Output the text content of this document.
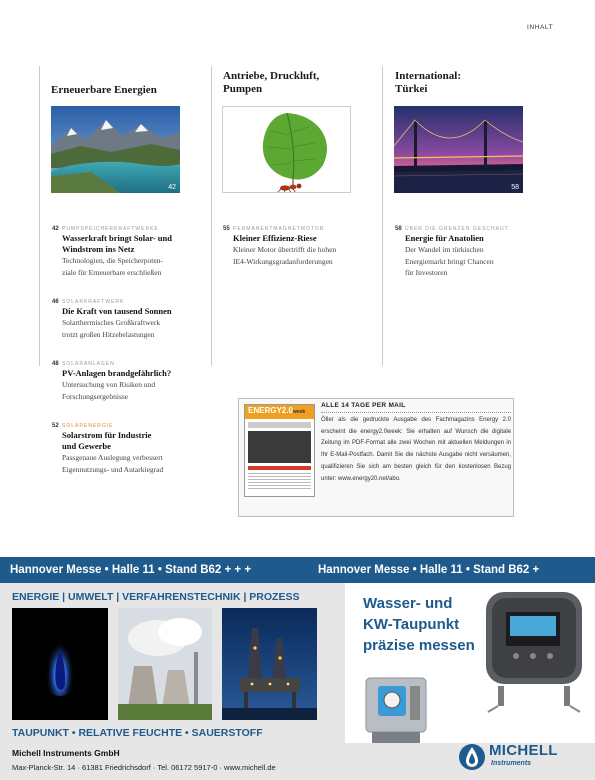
INHALT
Erneuerbare Energien
Antriebe, Druckluft,
Pumpen
International:
Türkei
42	55	58
42 PUMPSPEICHERKRAFTWERKE
Wasserkraft bringt Solar- und
Windstrom ins Netz
Technologien, die Speicherpoten-
ziale für Erneuerbare erschließen
46 SOLARKRAFTWERK
Die Kraft von tausend Sonnen
Solarthermisches Großkraftwerk
trotzt großen Hitzebelastungen
48 SOLARANLAGEN
PV-Anlagen brandgefährlich?
Untersuchung von Risiken und
Forschungsergebnisse
52 SOLARENERGIE
Solarstrom für Industrie
und Gewerbe
Passgenaue Auslegung verbessert
Eigennutzungs- und Autarkiegrad
55 PERMANENTMAGNETMOTOR
Kleiner Effizienz-Riese
Kleiner Motor übertrifft die hohen
IE4-Wirkungsgradanforderungen
58 ÜBER DIE GRENZEN GESCHAUT
Energie für Anatolien
Der Wandel im türkischen
Energiemarkt bringt Chancen
für Investoren
ENERGY2.0week
ALLE 14 TAGE PER MAIL
Öller als die gedruckte Ausgabe des Fachmagazins Energy 2.0 erscheint die energy2.0week: Sie erhalten auf Wunsch die digitale Zeitung im PDF-Format alle zwei Wochen mit aktuellen Meldungen in Ihr E-Mail-Postfach. Damit Sie die nächste Ausgabe nicht versäumen, qualifizieren Sie sich am besten gleich für den kostenlosen Bezug unter: www.energy20.net/abo.
Hannover Messe • Halle 11 • Stand B62 + + +	Hannover Messe • Halle 11 • Stand B62 +
ENERGIE | UMWELT | VERFAHRENSTECHNIK | PROZESS
TAUPUNKT • RELATIVE FEUCHTE • SAUERSTOFF
Wasser- und
KW-Taupunkt
präzise messen
Michell Instruments GmbH
Max-Planck-Str. 14 · 61381 Friedrichsdorf · Tel. 06172 5917-0 · www.michell.de
MICHELL
Instruments
